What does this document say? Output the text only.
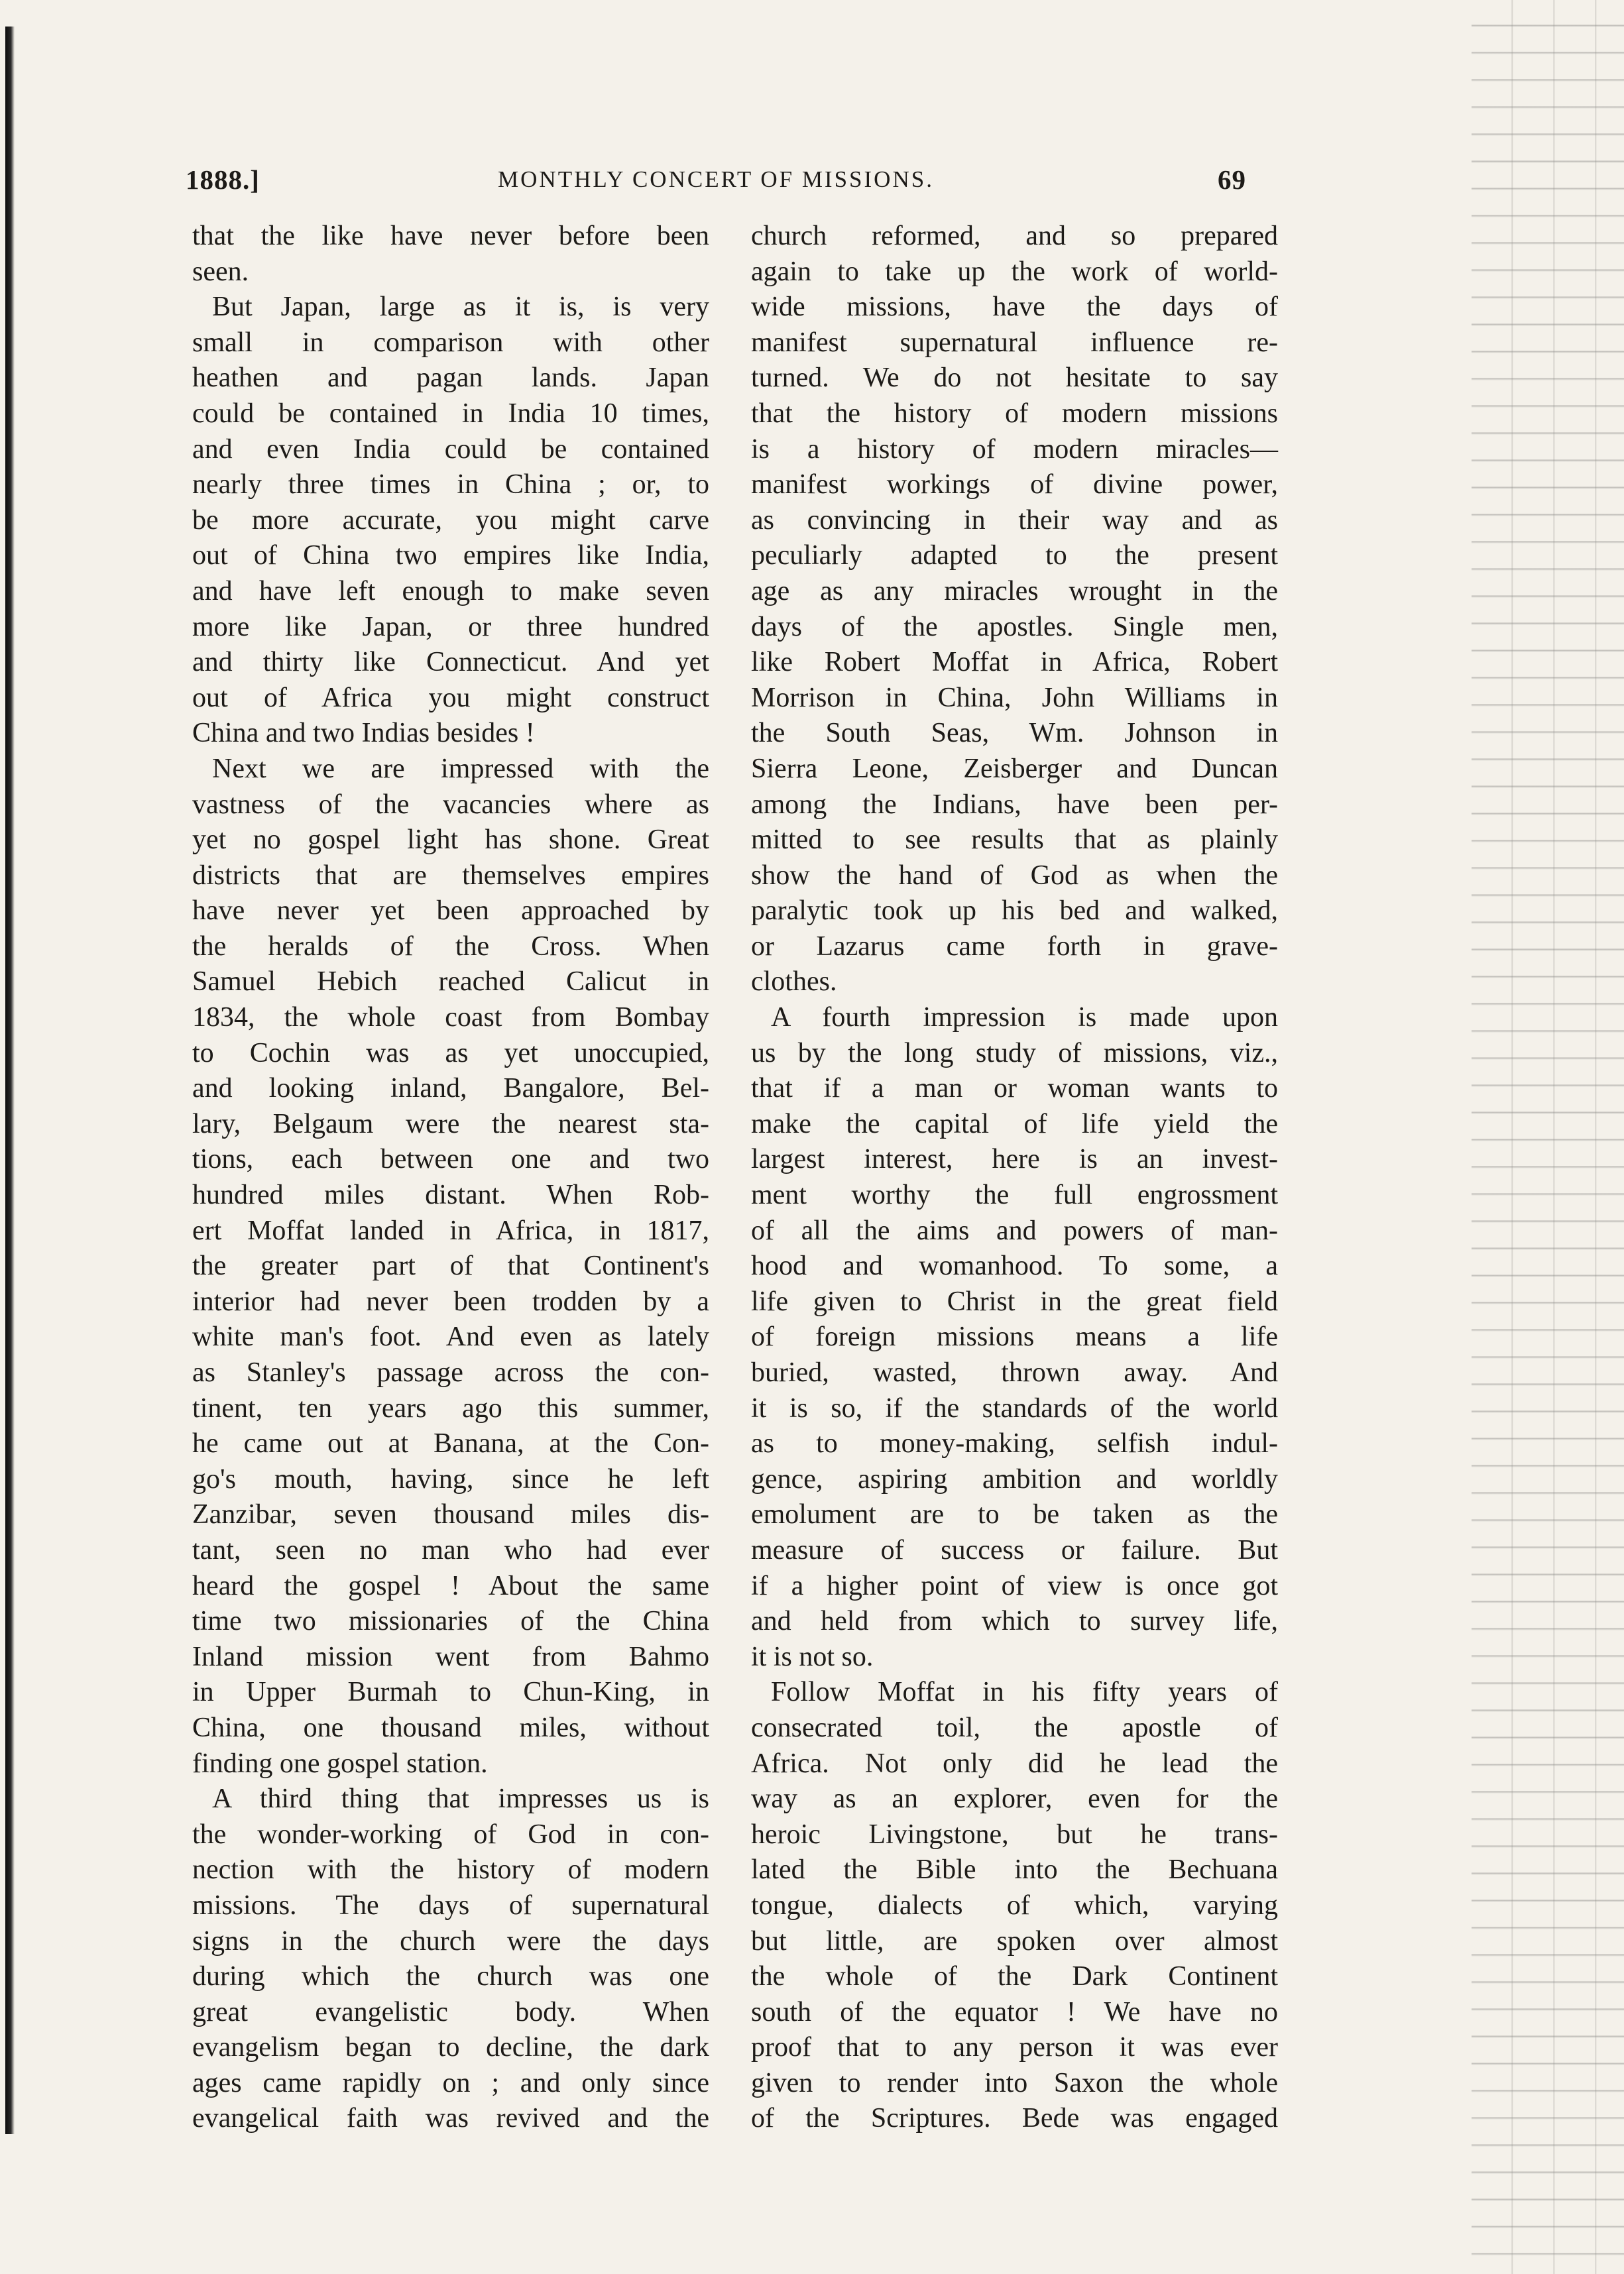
1888.]	MONTHLY CONCERT OF MISSIONS.	69
that the like have never before been
seen.
But Japan, large as it is, is very
small in comparison with other
heathen and pagan lands. Japan
could be contained in India 10 times,
and even India could be contained
nearly three times in China ; or, to
be more accurate, you might carve
out of China two empires like India,
and have left enough to make seven
more like Japan, or three hundred
and thirty like Connecticut. And yet
out of Africa you might construct
China and two Indias besides !
Next we are impressed with the
vastness of the vacancies where as
yet no gospel light has shone. Great
districts that are themselves empires
have never yet been approached by
the heralds of the Cross. When
Samuel Hebich reached Calicut in
1834, the whole coast from Bombay
to Cochin was as yet unoccupied,
and looking inland, Bangalore, Bel-
lary, Belgaum were the nearest sta-
tions, each between one and two
hundred miles distant. When Rob-
ert Moffat landed in Africa, in 1817,
the greater part of that Continent's
interior had never been trodden by a
white man's foot. And even as lately
as Stanley's passage across the con-
tinent, ten years ago this summer,
he came out at Banana, at the Con-
go's mouth, having, since he left
Zanzibar, seven thousand miles dis-
tant, seen no man who had ever
heard the gospel ! About the same
time two missionaries of the China
Inland mission went from Bahmo
in Upper Burmah to Chun-King, in
China, one thousand miles, without
finding one gospel station.
A third thing that impresses us is
the wonder-working of God in con-
nection with the history of modern
missions. The days of supernatural
signs in the church were the days
during which the church was one
great evangelistic body. When
evangelism began to decline, the dark
ages came rapidly on ; and only since
evangelical faith was revived and the
church reformed, and so prepared
again to take up the work of world-
wide missions, have the days of
manifest supernatural influence re-
turned. We do not hesitate to say
that the history of modern missions
is a history of modern miracles—
manifest workings of divine power,
as convincing in their way and as
peculiarly adapted to the present
age as any miracles wrought in the
days of the apostles. Single men,
like Robert Moffat in Africa, Robert
Morrison in China, John Williams in
the South Seas, Wm. Johnson in
Sierra Leone, Zeisberger and Duncan
among the Indians, have been per-
mitted to see results that as plainly
show the hand of God as when the
paralytic took up his bed and walked,
or Lazarus came forth in grave-
clothes.
A fourth impression is made upon
us by the long study of missions, viz.,
that if a man or woman wants to
make the capital of life yield the
largest interest, here is an invest-
ment worthy the full engrossment
of all the aims and powers of man-
hood and womanhood. To some, a
life given to Christ in the great field
of foreign missions means a life
buried, wasted, thrown away. And
it is so, if the standards of the world
as to money-making, selfish indul-
gence, aspiring ambition and worldly
emolument are to be taken as the
measure of success or failure. But
if a higher point of view is once got
and held from which to survey life,
it is not so.
Follow Moffat in his fifty years of
consecrated toil, the apostle of
Africa. Not only did he lead the
way as an explorer, even for the
heroic Livingstone, but he trans-
lated the Bible into the Bechuana
tongue, dialects of which, varying
but little, are spoken over almost
the whole of the Dark Continent
south of the equator ! We have no
proof that to any person it was ever
given to render into Saxon the whole
of the Scriptures. Bede was engaged
